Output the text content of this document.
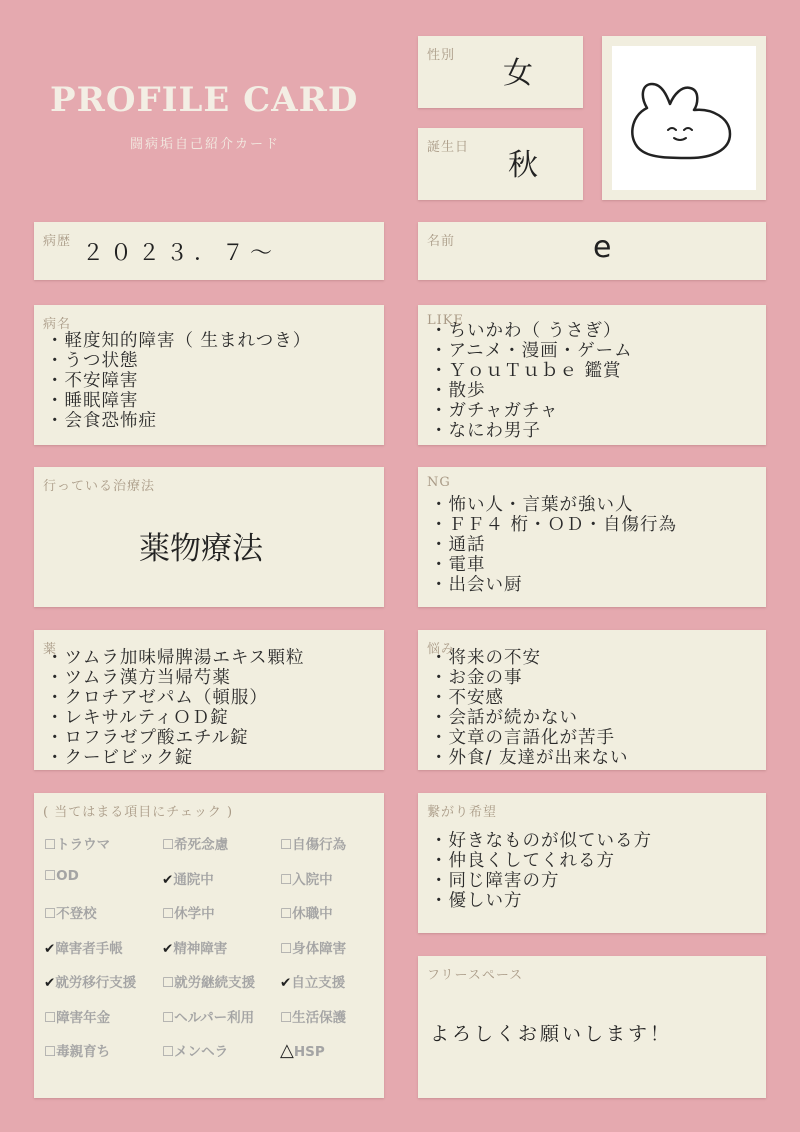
PROFILE CARD
闘病垢自己紹介カード
性別
女
誕生日
秋
病歴 ２０２３．７～	名前	e
病名
・ 軽度知的障害（ 生まれつき）
・ うつ状態
・ 不安障害
・ 睡眠障害
・ 会食恐怖症
LIKE
・ ちいかわ（ うさぎ）
・ アニメ・漫画・ゲーム
・ ＹｏｕＴｕｂｅ 鑑賞
・ 散歩
・ ガチャガチャ
・ なにわ男子
行っている治療法
薬物療法
NG
・ 怖い人・言葉が強い人
・ ＦＦ４ 桁・ＯＤ・自傷行為
・ 通話
・ 電車
・ 出会い厨
薬
・ ツムラ加味帰脾湯エキス顆粒
・ ツムラ漢方当帰芍薬
・ クロチアゼパム（頓服）
・ レキサルティＯＤ錠
・ ロフラゼプ酸エチル錠
・ クービビック錠
悩み
・ 将来の不安
・ お金の事
・ 不安感
・ 会話が続かない
・ 文章の言語化が苦手
・ 外食/ 友達が出来ない
( 当てはまる項目にチェック )
☐トラウマ	☐希死念慮	☐自傷行為
☐OD	✔通院中	☐入院中
☐不登校	☐休学中	☐休職中
✔障害者手帳	✔精神障害	☐身体障害
✔就労移行支援 ☐就労継続支援 ✔自立支援
☐障害年金	☐ヘルパー利用 ☐生活保護
☐毒親育ち	☐メンヘラ	△HSP
繋がり希望
・ 好きなものが似ている方
・ 仲良くしてくれる方
・ 同じ障害の方
・ 優しい方
フリースペース
よろしくお願いします！
